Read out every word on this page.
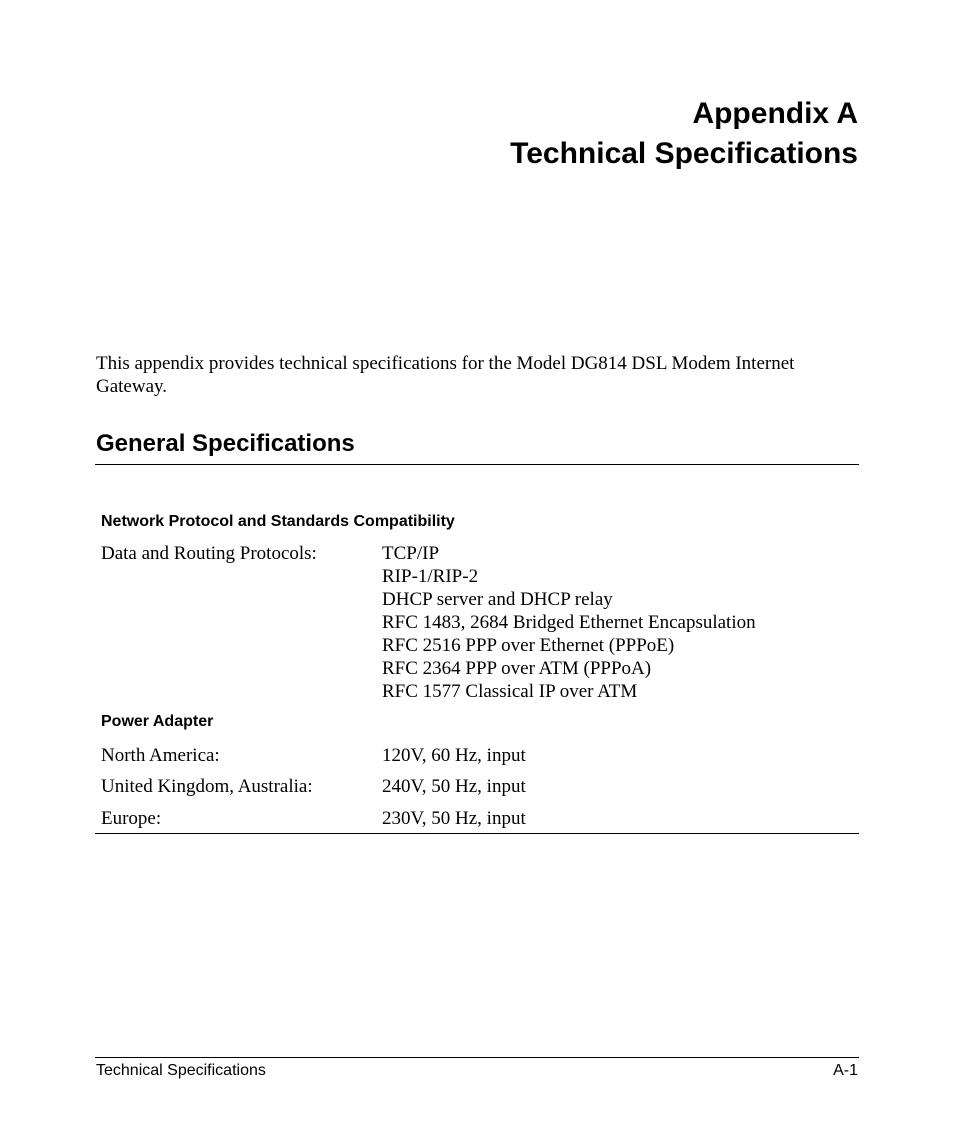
Appendix A
Technical Specifications
This appendix provides technical specifications for the Model DG814 DSL Modem Internet Gateway.
General Specifications
Network Protocol and Standards Compatibility
Data and Routing Protocols:	TCP/IP
RIP-1/RIP-2
DHCP server and DHCP relay
RFC 1483, 2684 Bridged Ethernet Encapsulation
RFC 2516 PPP over Ethernet (PPPoE)
RFC 2364 PPP over ATM (PPPoA)
RFC 1577 Classical IP over ATM
Power Adapter
North America:	120V, 60 Hz, input
United Kingdom, Australia:	240V, 50 Hz, input
Europe:	230V, 50 Hz, input
Technical Specifications	A-1
